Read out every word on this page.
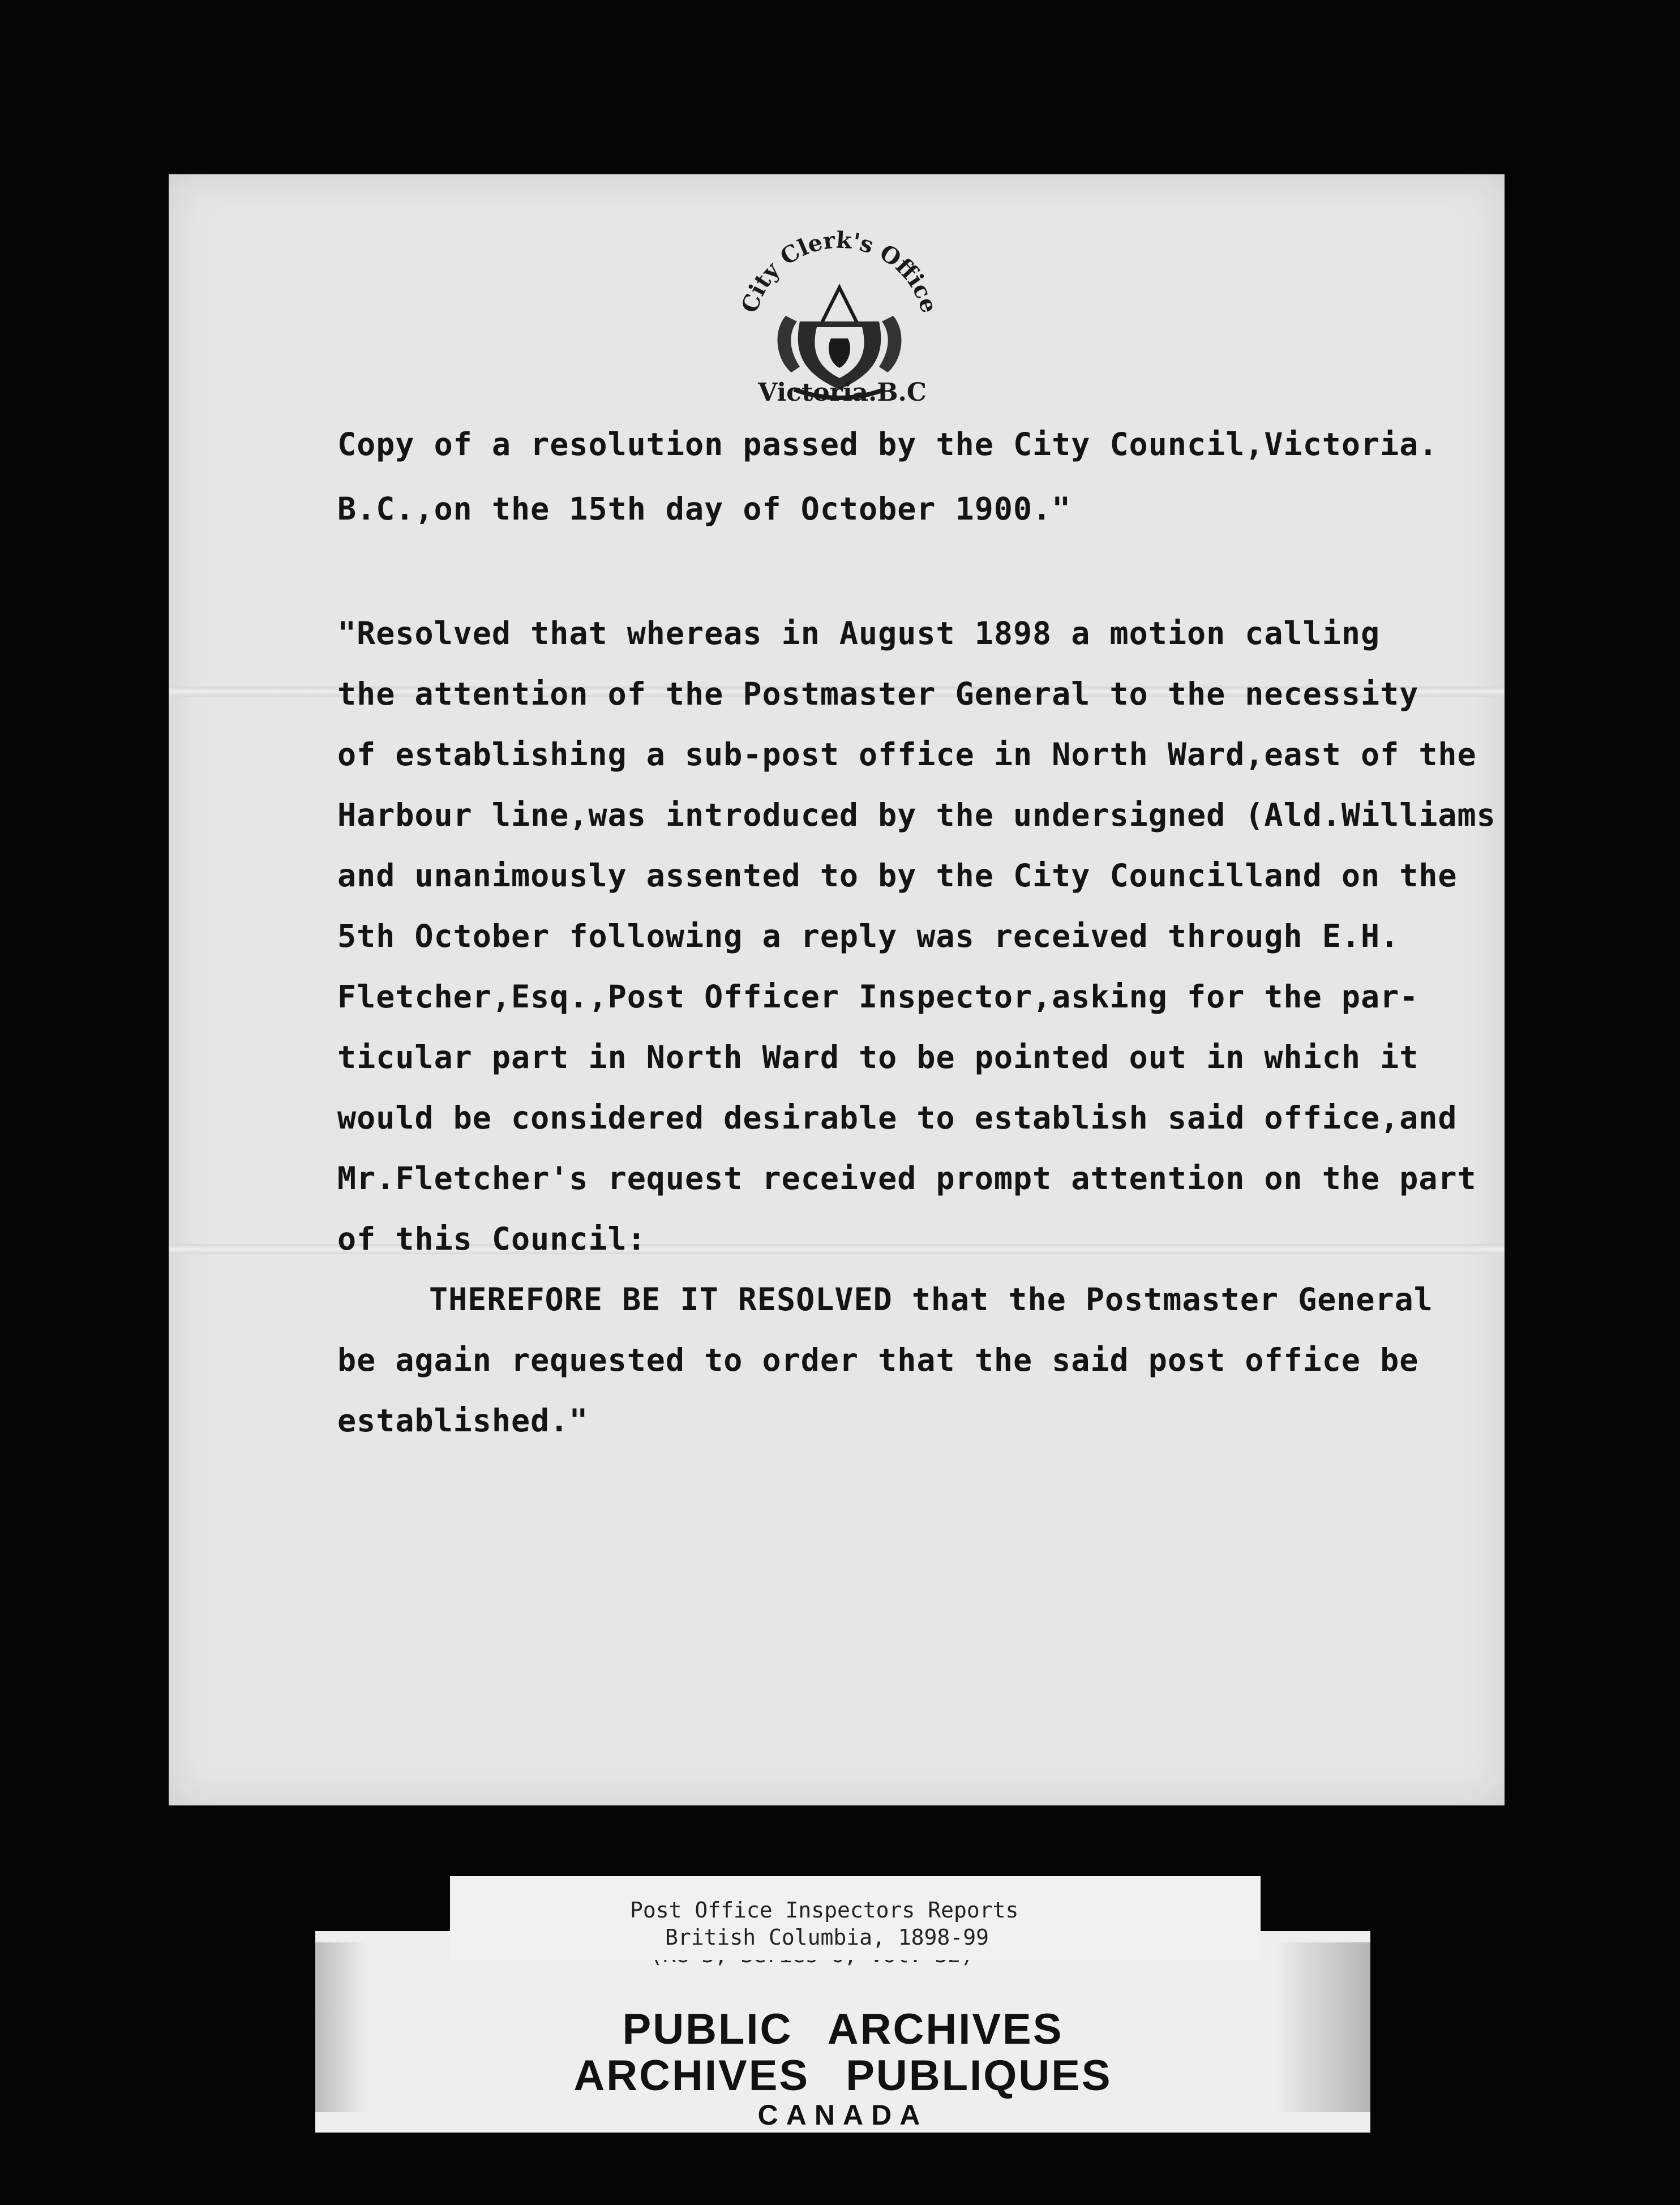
City Clerk's Office
Victoria.B.C

Copy of a resolution passed by the City Council,Victoria.
B.C.,on the 15th day of October 1900."

"Resolved that whereas in August 1898 a motion calling
the attention of the Postmaster General to the necessity
of establishing a sub-post office in North Ward,east of the
Harbour line,was introduced by the undersigned (Ald.Williams
and unanimously assented to by the City Councilland on the
5th October following a reply was received through E.H.
Fletcher,Esq.,Post Officer Inspector,asking for the par-
ticular part in North Ward to be pointed out in which it
would be considered desirable to establish said office,and
Mr.Fletcher's request received prompt attention on the part
of this Council:
THEREFORE BE IT RESOLVED that the Postmaster General
be again requested to order that the said post office be
established."

PUBLIC ARCHIVES
ARCHIVES PUBLIQUES
CANADA
Post Office Inspectors Reports
British Columbia, 1898-99
